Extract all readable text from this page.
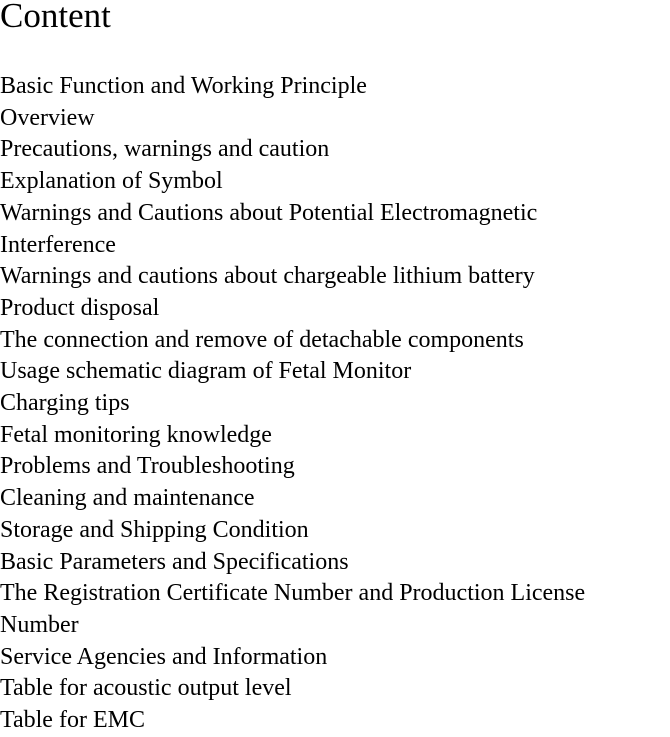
Content
Basic Function and Working Principle
Overview
Precautions, warnings and caution
Explanation of Symbol
Warnings and Cautions about Potential Electromagnetic
Interference
Warnings and cautions about chargeable lithium battery
Product disposal
The connection and remove of detachable components
Usage schematic diagram of Fetal Monitor
Charging tips
Fetal monitoring knowledge
Problems and Troubleshooting
Cleaning and maintenance
Storage and Shipping Condition
Basic Parameters and Specifications
The Registration Certificate Number and Production License
Number
Service Agencies and Information
Table for acoustic output level
Table for EMC
